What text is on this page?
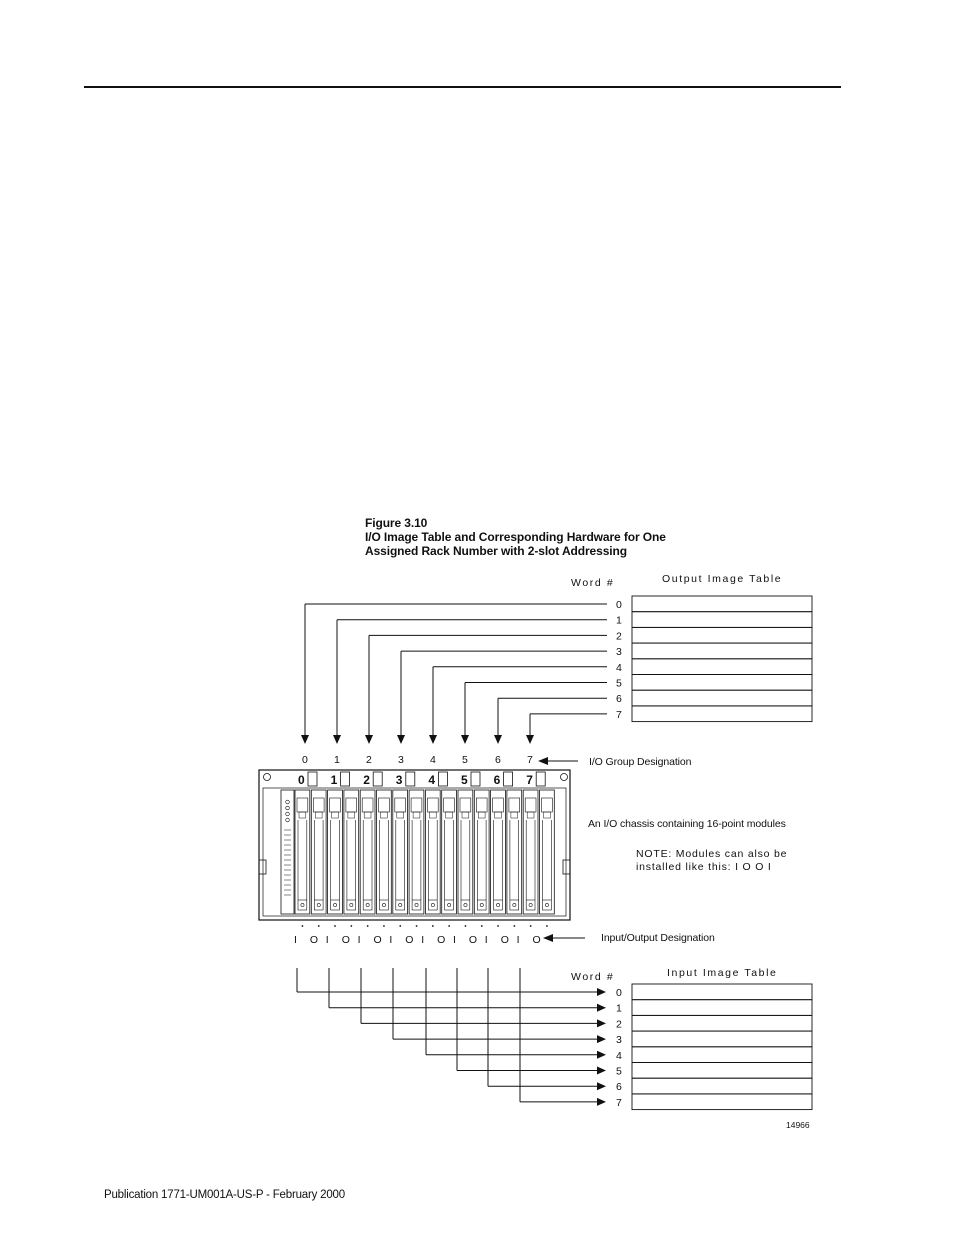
Figure 3.10
I/O Image Table and Corresponding Hardware for One
Assigned Rack Number with 2-slot Addressing
Word #	Output Image Table
0
1
2
3
4
5
6
7
0 1 2 3 4 5	6 7	I/O Group Designation
0 1 2 3 4 5 6 7
An I/O chassis containing 16-point modules
NOTE: Modules can also be
installed like this: I O O I
I O I O I O I O I O I O I O I O	Input/Output Designation
Word #	Input Image Table
0
1
2
3
4
5
6
7
14966
Publication 1771-UM001A-US-P - February 2000
